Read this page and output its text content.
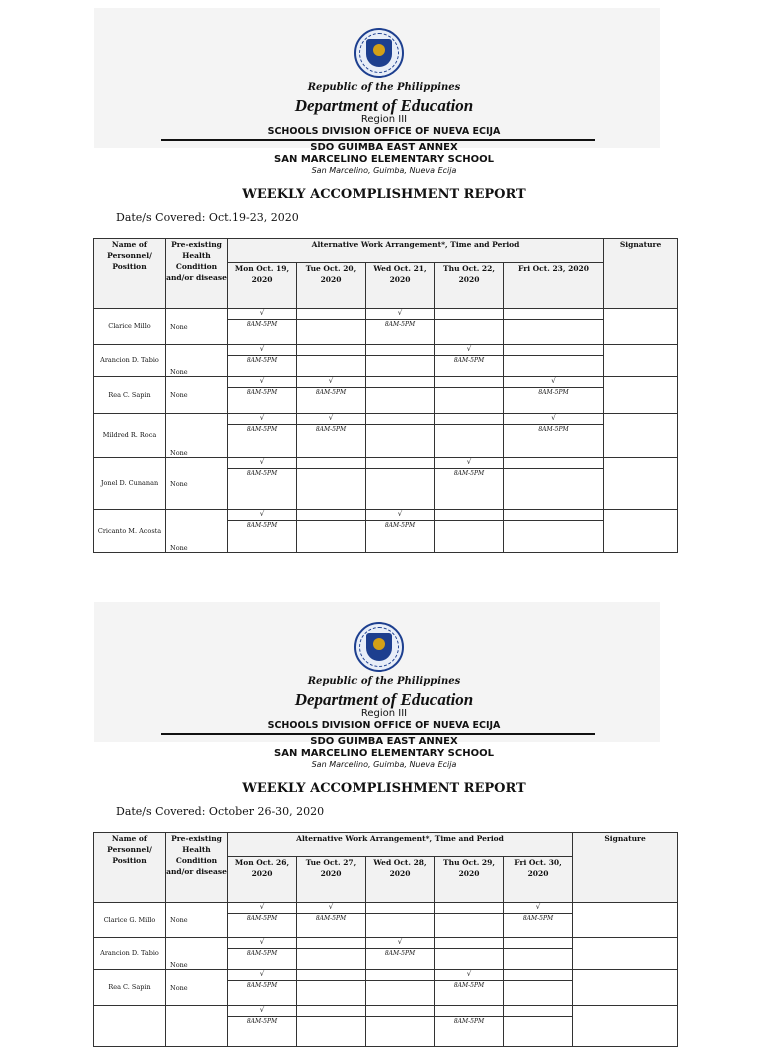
Republic of the Philippines
Department of Education
Region III
SCHOOLS DIVISION OFFICE OF NUEVA ECIJA
SDO GUIMBA EAST ANNEX
SAN MARCELINO ELEMENTARY SCHOOL
San Marcelino, Guimba, Nueva Ecija
WEEKLY ACCOMPLISHMENT REPORT
Date/s Covered: Oct.19-23, 2020
Name of Personnel/ Position	Pre-existing Health Condition and/or disease	Alternative Work Arrangement*, Time and Period					Signature
		Mon Oct. 19, 2020	Tue Oct. 20, 2020	Wed Oct. 21, 2020	Thu Oct. 22, 2020	Fri Oct. 23, 2020	
Clarice Millo	None	√		√			
		8AM-5PM		8AM-5PM			
Arancion D. Tabio	None	√			√		
		8AM-5PM			8AM-5PM		
Rea C. Sapin	None	√	√			√	
		8AM-5PM	8AM-5PM			8AM-5PM	
Mildred R. Roca	None	√	√			√	
		8AM-5PM	8AM-5PM			8AM-5PM	
Jonel D. Cunanan	None	√			√		
		8AM-5PM			8AM-5PM		
Cricanto M. Acosta	None	√		√			
		8AM-5PM		8AM-5PM			
Republic of the Philippines
Department of Education
Region III
SCHOOLS DIVISION OFFICE OF NUEVA ECIJA
SDO GUIMBA EAST ANNEX
SAN MARCELINO ELEMENTARY SCHOOL
San Marcelino, Guimba, Nueva Ecija
WEEKLY ACCOMPLISHMENT REPORT
Date/s Covered: October 26-30, 2020
Name of Personnel/ Position	Pre-existing Health Condition and/or disease	Alternative Work Arrangement*, Time and Period					Signature
		Mon Oct. 26, 2020	Tue Oct. 27, 2020	Wed Oct. 28, 2020	Thu Oct. 29, 2020	Fri Oct. 30, 2020	
Clarice G. Millo	None	√	√			√	
		8AM-5PM	8AM-5PM			8AM-5PM	
Arancion D. Tabio	None	√		√			
		8AM-5PM		8AM-5PM			
Rea C. Sapin	None	√			√		
		8AM-5PM			8AM-5PM		
		√					
		8AM-5PM			8AM-5PM		
